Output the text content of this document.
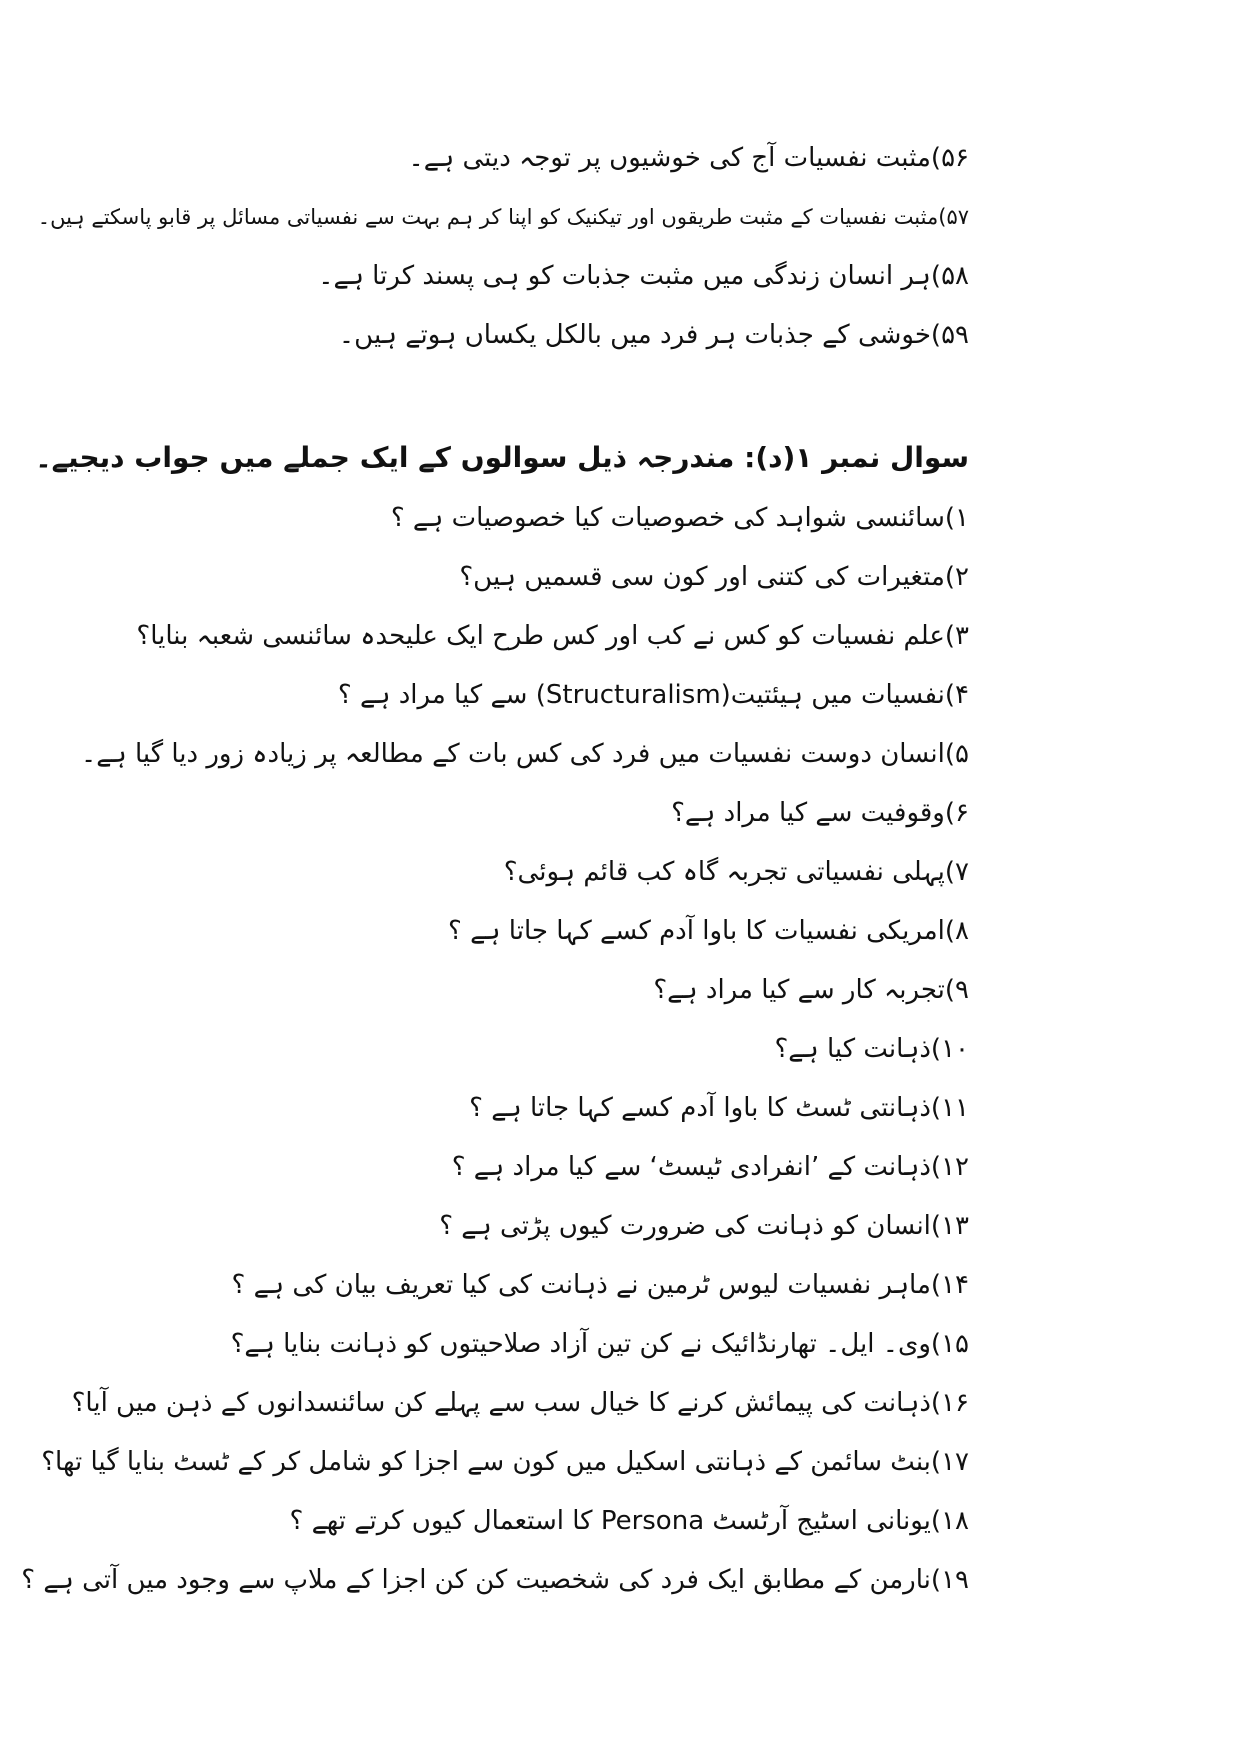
۵۶)مثبت نفسیات آج کی خوشیوں پر توجہ دیتی ہے۔
۵۷)مثبت نفسیات کے مثبت طریقوں اور تیکنیک کو اپنا کر ہم بہت سے نفسیاتی مسائل پر قابو پاسکتے ہیں۔
۵۸)ہر انسان زندگی میں مثبت جذبات کو ہی پسند کرتا ہے۔
۵۹)خوشی کے جذبات ہر فرد میں بالکل یکساں ہوتے ہیں۔
سوال نمبر ۱(د): مندرجہ ذیل سوالوں کے ایک جملے میں جواب دیجیے۔
۱)سائنسی شواہد کی خصوصیات کیا خصوصیات ہے ؟
۲)متغیرات کی کتنی اور کون سی قسمیں ہیں؟
۳)علم نفسیات کو کس نے کب اور کس طرح ایک علیحدہ سائنسی شعبہ بنایا؟
۴)نفسیات میں ہیئتیت(Structuralism) سے کیا مراد ہے ؟
۵)انسان دوست نفسیات میں فرد کی کس بات کے مطالعہ پر زیادہ زور دیا گیا ہے۔
۶)وقوفیت سے کیا مراد ہے؟
۷)پہلی نفسیاتی تجربہ گاہ کب قائم ہوئی؟
۸)امریکی نفسیات کا باوا آدم کسے کہا جاتا ہے ؟
۹)تجربہ کار سے کیا مراد ہے؟
۱۰)ذہانت کیا ہے؟
۱۱)ذہانتی ٹسٹ کا باوا آدم کسے کہا جاتا ہے ؟
۱۲)ذہانت کے ’انفرادی ٹیسٹ‘ سے کیا مراد ہے ؟
۱۳)انسان کو ذہانت کی ضرورت کیوں پڑتی ہے ؟
۱۴)ماہر نفسیات لیوس ٹرمین نے ذہانت کی کیا تعریف بیان کی ہے ؟
۱۵)وی۔ ایل۔ تھارنڈائیک نے کن تین آزاد صلاحیتوں کو ذہانت بنایا ہے؟
۱۶)ذہانت کی پیمائش کرنے کا خیال سب سے پہلے کن سائنسدانوں کے ذہن میں آیا؟
۱۷)بنٹ سائمن کے ذہانتی اسکیل میں کون سے اجزا کو شامل کر کے ٹسٹ بنایا گیا تھا؟
۱۸)یونانی اسٹیج آرٹسٹ Persona کا استعمال کیوں کرتے تھے ؟
۱۹)نارمن کے مطابق ایک فرد کی شخصیت کن کن اجزا کے ملاپ سے وجود میں آتی ہے ؟
